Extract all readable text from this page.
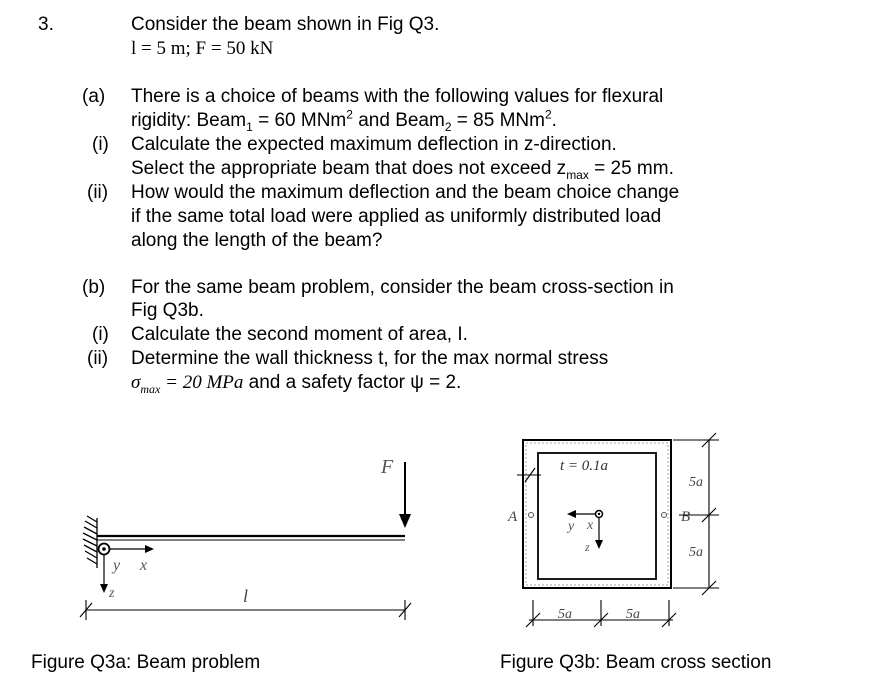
3.	Consider the beam shown in Fig Q3.
l = 5 m; F = 50 kN
(a) There is a choice of beams with the following values for flexural
rigidity: Beam$_1$ = 60 MNm$^2$ and Beam$_2$ = 85 MNm$^2$.
(i) Calculate the expected maximum deflection in z-direction.
Select the appropriate beam that does not exceed $z_{max} = 25$ mm.
(ii) How would the maximum deflection and the beam choice change
if the same total load were applied as uniformly distributed load
along the length of the beam?
(b) For the same beam problem, consider the beam cross-section in
Fig Q3b.
(i) Calculate the second moment of area, I.
(ii) Determine the wall thickness t, for the max normal stress
$\sigma_{max} = 20$ MPa and a safety factor ψ = 2.
F
y x
z	l
Figure Q3a: Beam problem
t = 0.1a
A	B
y x
z
5a
5a
5a	5a
Figure Q3b: Beam cross section
